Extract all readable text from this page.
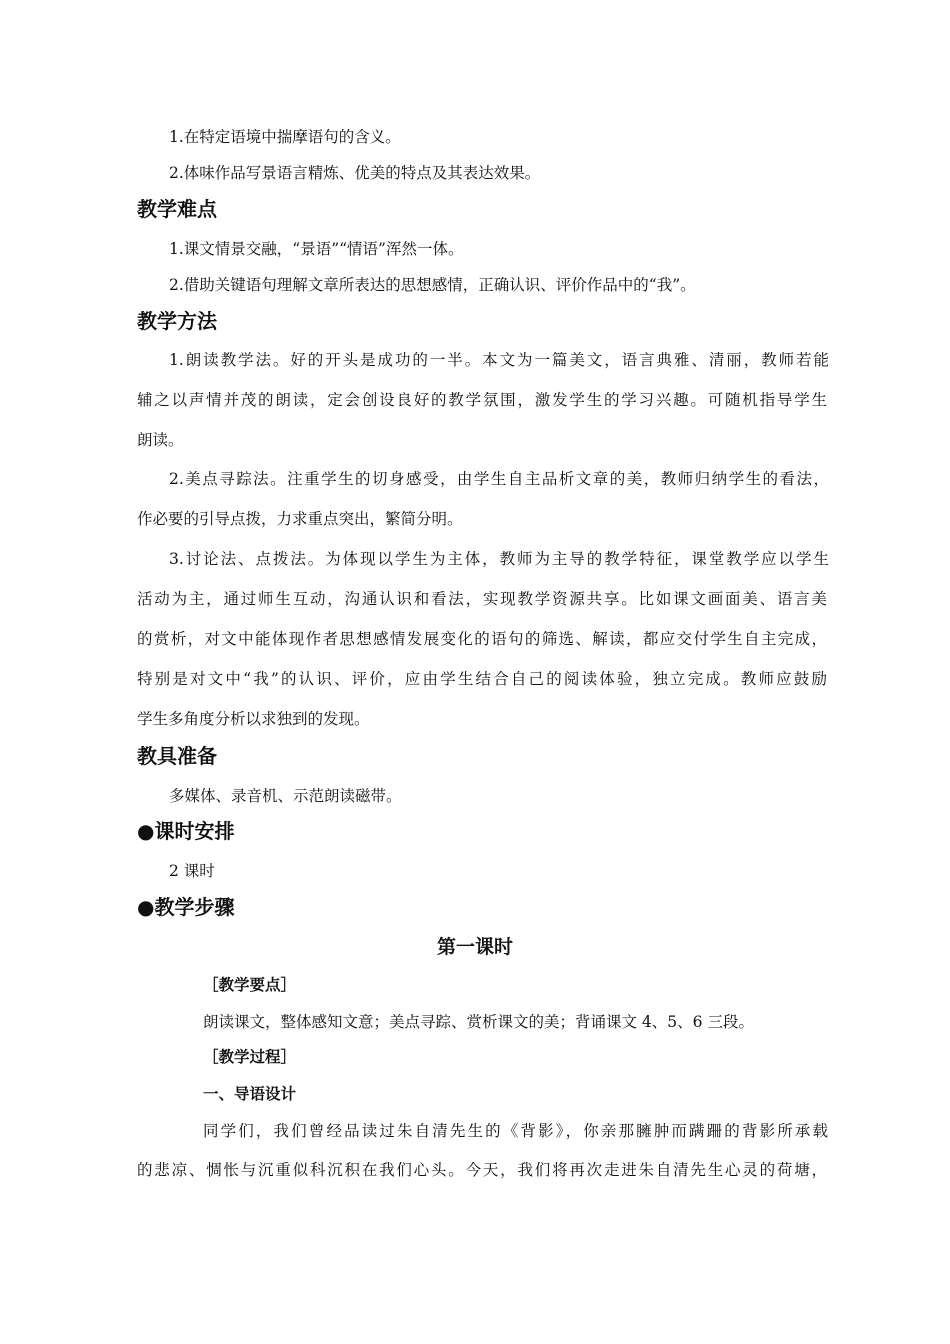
1.在特定语境中揣摩语句的含义。
2.体味作品写景语言精炼、优美的特点及其表达效果。
教学难点
1.课文情景交融，“景语”“情语”浑然一体。
2.借助关键语句理解文章所表达的思想感情，正确认识、评价作品中的“我”。
教学方法
1.朗读教学法。好的开头是成功的一半。本文为一篇美文，语言典雅、清丽，教师若能
辅之以声情并茂的朗读，定会创设良好的教学氛围，激发学生的学习兴趣。可随机指导学生
朗读。
2.美点寻踪法。注重学生的切身感受，由学生自主品析文章的美，教师归纳学生的看法，
作必要的引导点拨，力求重点突出，繁简分明。
3.讨论法、点拨法。为体现以学生为主体，教师为主导的教学特征，课堂教学应以学生
活动为主，通过师生互动，沟通认识和看法，实现教学资源共享。比如课文画面美、语言美
的赏析，对文中能体现作者思想感情发展变化的语句的筛选、解读，都应交付学生自主完成，
特别是对文中“我”的认识、评价，应由学生结合自己的阅读体验，独立完成。教师应鼓励
学生多角度分析以求独到的发现。
教具准备
多媒体、录音机、示范朗读磁带。
●课时安排
2 课时
●教学步骤
第一课时
［教学要点］
朗读课文，整体感知文意；美点寻踪、赏析课文的美；背诵课文 4、5、6 三段。
［教学过程］
一、导语设计
同学们，我们曾经品读过朱自清先生的《背影》，你亲那臃肿而蹒跚的背影所承载
的悲凉、惆怅与沉重似科沉积在我们心头。今天，我们将再次走进朱自清先生心灵的荷塘，
